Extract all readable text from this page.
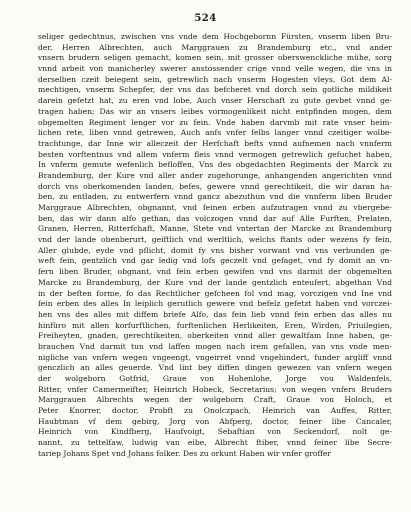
524
seliger gedechtnus, zwischen vns vnde dem Hochgebornn Fürsten, vnserm liben Bru-
der, Herren Albrechten, auch Marggrauen zu Brandemburg etc., vnd ander
vnsern brudern seligen gemacht, komen sein, mit grosser oberswenckliche mühe, sorg
vnnd arbeit von manicherley swerer anstossender crige vnnd velle wegen, die vns in
derselben czeit beiegent sein, getrewlich nach vnserm Hogesten vleys, Got dem Al-
mechtigen, vnserm Schepfer, der vns das befcheret vnd dorch sein gotliche mildikeit
darein gefetzt hat, zu eren vnd lobe, Auch vnser Herschaft zu gute gevbet vnnd ge-
tragen haben; Das wir an vnsers leibes vormogenlikeit nicht entpfinden mogen, dem
obgemelten Regiment lenger vor zu fein. Vnde haben darvmb mit rate vnser heim-
lichen rete, liben vnnd getrewen, Auch anfs vnfer felbs langer vnnd czeitiger wolbe-
trachtunge, dar Inne wir alleczeit der Herfchaft befts vnnd aufnemen nach vnnferm
besten vorftentnus vnd allem vnferm fleis vnnd vermogen getrewlich gefuchet haben,
In vnferm gemute wefenlich befloffen, Vns des obgedachten Regiments der Marck zu
Brandemburg, der Kure vnd aller ander zugehorunge, anhangenden angerichten vnnd
dorch vns oberkomenden landen, befes, gewere vnnd gerechtikeit, die wir daran ha-
ben, zu entladen, zu entwerfern vnnd gancz abezuthun vnd die vnnferm liben Bruder
Marggraue Albrechten, obgnannt, vnd feinen erben aufzutragen vnnd zu vbergebe-
ben, das wir dann alfo gethan, das volczogen vnnd dar auf Alle Furften, Prelaten,
Granen, Herren, Ritterfchaft, Manne, Stete vnd vntertan der Marcke zu Brandemburg
vnd der lande obenberurt, geiftlich vnd werltlich, welchs ftants oder wezens fy fein,
Aller glubde, eyde vnd pflicht, domit fy vns bisher vorwant vnd vns verbunden ge-
weft fein, gentzlich vnd gar ledig vnd lofs geczelt vnd gefaget, vnd fy domit an vn-
fern liben Bruder, obgnant, vnd fein erben gewifen vnd vns darmit der obgemelten
Marcke zu Brandemburg, der Kure vnd der lande gentzlich enteufert, abgethan Vnd
in der beften forme, fo das Rechtlicher gefcheen fol vnd mag, vorczigen vnd Ine vnd
fein erben des alles In leiplich gerutlich gewere vnd befelz gefetzt haben vnd vorczei-
hen vns des alles mit diffem briefe Alfo, das fein lieb vnnd fein erben das alles nu
hinfüro mit allen korfurftlichen, furftenlichen Herlikeiten, Eren, Wirden, Priuilegien,
Freiheyten, gnaden, gerechtikeiten, oberkeiten vnnd aller gewaltfam Inne haben, ge-
brauchen Vnd darmit tun vnd laffen mogen nach irem gefallen, van vns vnde men-
nigliche van vnfern wegen vngeengt, vngeirret vnnd vngehindert, funder argliff vnnd
genczlich an alles geuerde. Vnd lint bey diffen dingen gewezen van vnfern wegen
der wolgeborn Gotfrid, Graue von Hohenlohe, Jorge vou Waldenfels,
Ritter, vnfer Camermeifter, Heinrich Hobeck, Secretarius; von wegen vnfers Bruders
Marggrauen Albrechts wegen der wolgeborn Craft, Graue von Holoch, et
Peter Knorrer, doctor, Probft zu Onolczpach, Heinrich van Auffes, Ritter,
Haubtman vf dem gebirg, Jorg von Abfperg, doctor, feiner libe Cancaler,
Heinrich von Kindfberg, Haufvoigt, Sebaftian von Seckendorf, nolt ge-
nannt, zu tettelfaw, ludwig van eibe, Albrecht ftiber, vnnd feiner libe Secre-
tariep Johans Spet vnd Johans folker. Des zu orkunt Haben wir vnfer groffer
